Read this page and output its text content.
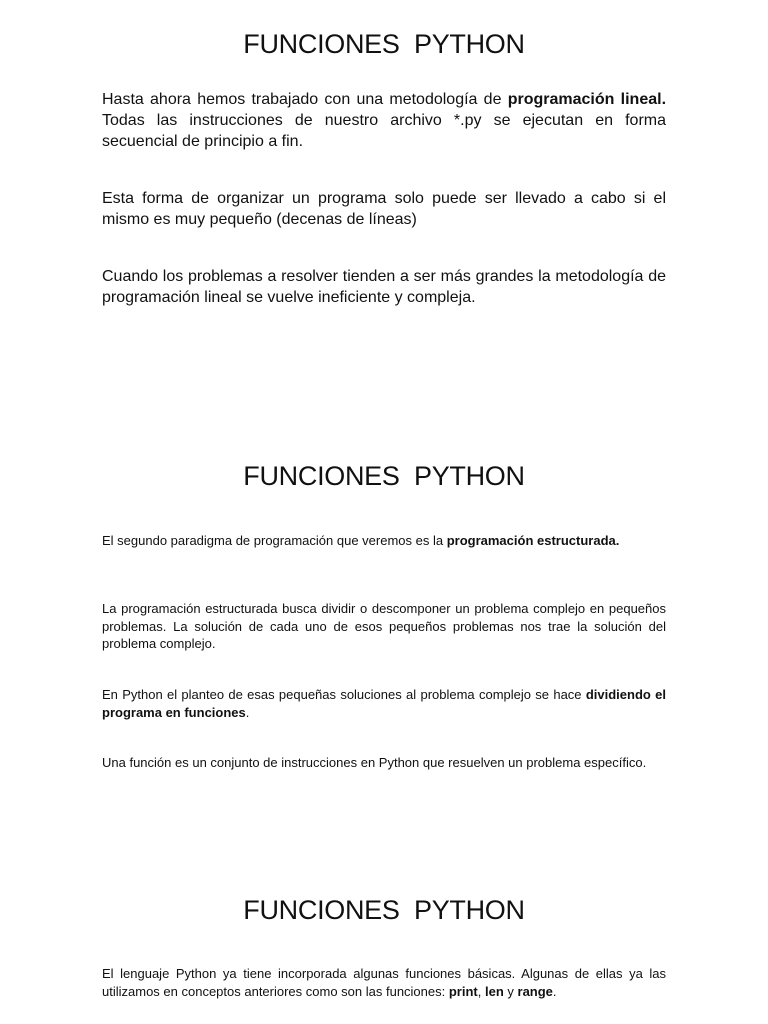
FUNCIONES  PYTHON

Hasta ahora hemos trabajado con una metodología de programación lineal. Todas las instrucciones de nuestro archivo *.py se ejecutan en forma secuencial de principio a fin.

Esta forma de organizar un programa solo puede ser llevado a cabo si el mismo es muy pequeño (decenas de líneas)

Cuando los problemas a resolver tienden a ser más grandes la metodología de programación lineal se vuelve ineficiente y compleja.

FUNCIONES  PYTHON

El segundo paradigma de programación que veremos es la programación estructurada.

La programación estructurada busca dividir o descomponer un problema complejo en pequeños problemas. La solución de cada uno de esos pequeños problemas nos trae la solución del problema complejo.

En Python el planteo de esas pequeñas soluciones al problema complejo se hace dividiendo el programa en funciones.

Una función es un conjunto de instrucciones en Python que resuelven un problema específico.

FUNCIONES  PYTHON

El lenguaje Python ya tiene incorporada algunas funciones básicas. Algunas de ellas ya las utilizamos en conceptos anteriores como son las funciones: print, len y range.
